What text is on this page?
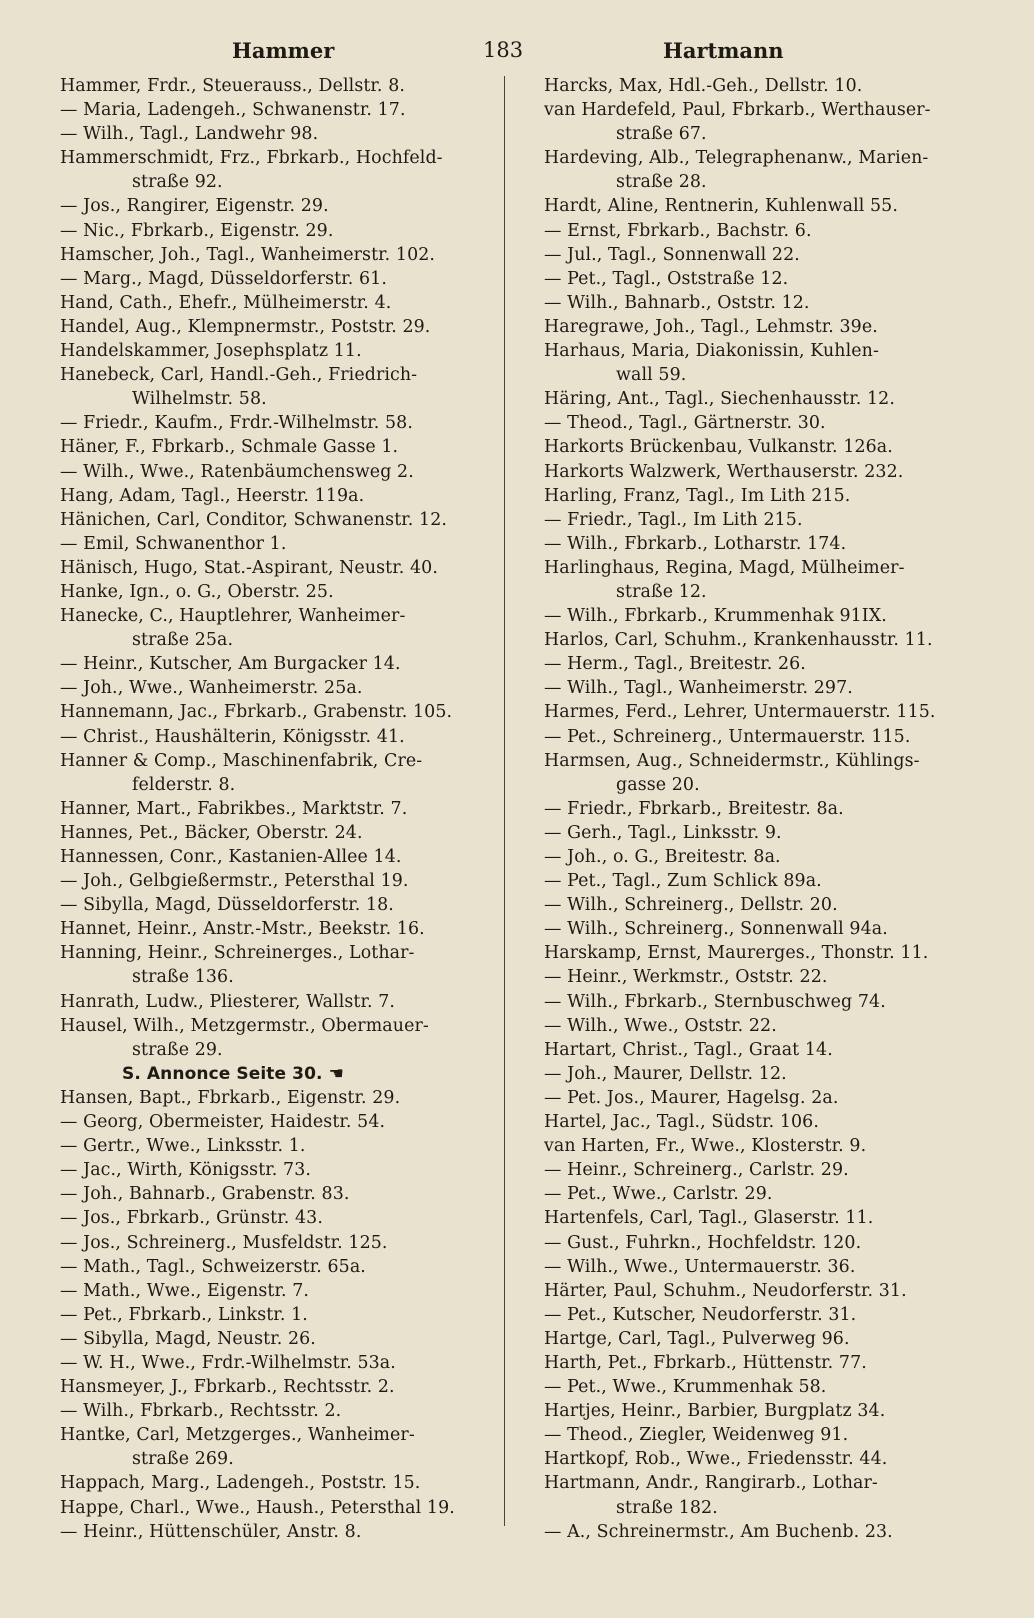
Hammer	183	Hartmann
Hammer, Frdr., Steuerauss., Dellstr. 8.
— Maria, Ladengeh., Schwanenstr. 17.
— Wilh., Tagl., Landwehr 98.
Hammerschmidt, Frz., Fbrkarb., Hochfeld-
straße 92.
— Jos., Rangirer, Eigenstr. 29.
— Nic., Fbrkarb., Eigenstr. 29.
Hamscher, Joh., Tagl., Wanheimerstr. 102.
— Marg., Magd, Düsseldorferstr. 61.
Hand, Cath., Ehefr., Mülheimerstr. 4.
Handel, Aug., Klempnermstr., Poststr. 29.
Handelskammer, Josephsplatz 11.
Hanebeck, Carl, Handl.-Geh., Friedrich-
Wilhelmstr. 58.
— Friedr., Kaufm., Frdr.-Wilhelmstr. 58.
Häner, F., Fbrkarb., Schmale Gasse 1.
— Wilh., Wwe., Ratenbäumchensweg 2.
Hang, Adam, Tagl., Heerstr. 119a.
Hänichen, Carl, Conditor, Schwanenstr. 12.
— Emil, Schwanenthor 1.
Hänisch, Hugo, Stat.-Aspirant, Neustr. 40.
Hanke, Ign., o. G., Oberstr. 25.
Hanecke, C., Hauptlehrer, Wanheimer-
straße 25a.
— Heinr., Kutscher, Am Burgacker 14.
— Joh., Wwe., Wanheimerstr. 25a.
Hannemann, Jac., Fbrkarb., Grabenstr. 105.
— Christ., Haushälterin, Königsstr. 41.
Hanner & Comp., Maschinenfabrik, Cre-
felderstr. 8.
Hanner, Mart., Fabrikbes., Marktstr. 7.
Hannes, Pet., Bäcker, Oberstr. 24.
Hannessen, Conr., Kastanien-Allee 14.
— Joh., Gelbgießermstr., Petersthal 19.
— Sibylla, Magd, Düsseldorferstr. 18.
Hannet, Heinr., Anstr.-Mstr., Beekstr. 16.
Hanning, Heinr., Schreinerges., Lothar-
straße 136.
Hanrath, Ludw., Pliesterer, Wallstr. 7.
Hausel, Wilh., Metzgermstr., Obermauer-
straße 29.
S. Annonce Seite 30. ☚
Hansen, Bapt., Fbrkarb., Eigenstr. 29.
— Georg, Obermeister, Haidestr. 54.
— Gertr., Wwe., Linksstr. 1.
— Jac., Wirth, Königsstr. 73.
— Joh., Bahnarb., Grabenstr. 83.
— Jos., Fbrkarb., Grünstr. 43.
— Jos., Schreinerg., Musfeldstr. 125.
— Math., Tagl., Schweizerstr. 65a.
— Math., Wwe., Eigenstr. 7.
— Pet., Fbrkarb., Linkstr. 1.
— Sibylla, Magd, Neustr. 26.
— W. H., Wwe., Frdr.-Wilhelmstr. 53a.
Hansmeyer, J., Fbrkarb., Rechtsstr. 2.
— Wilh., Fbrkarb., Rechtsstr. 2.
Hantke, Carl, Metzgerges., Wanheimer-
straße 269.
Happach, Marg., Ladengeh., Poststr. 15.
Happe, Charl., Wwe., Haush., Petersthal 19.
— Heinr., Hüttenschüler, Anstr. 8.
Harcks, Max, Hdl.-Geh., Dellstr. 10.
van Hardefeld, Paul, Fbrkarb., Werthauser-
straße 67.
Hardeving, Alb., Telegraphenanw., Marien-
straße 28.
Hardt, Aline, Rentnerin, Kuhlenwall 55.
— Ernst, Fbrkarb., Bachstr. 6.
— Jul., Tagl., Sonnenwall 22.
— Pet., Tagl., Oststraße 12.
— Wilh., Bahnarb., Oststr. 12.
Haregrawe, Joh., Tagl., Lehmstr. 39e.
Harhaus, Maria, Diakonissin, Kuhlen-
wall 59.
Häring, Ant., Tagl., Siechenhausstr. 12.
— Theod., Tagl., Gärtnerstr. 30.
Harkorts Brückenbau, Vulkanstr. 126a.
Harkorts Walzwerk, Werthauserstr. 232.
Harling, Franz, Tagl., Im Lith 215.
— Friedr., Tagl., Im Lith 215.
— Wilh., Fbrkarb., Lotharstr. 174.
Harlinghaus, Regina, Magd, Mülheimer-
straße 12.
— Wilh., Fbrkarb., Krummenhak 91IX.
Harlos, Carl, Schuhm., Krankenhausstr. 11.
— Herm., Tagl., Breitestr. 26.
— Wilh., Tagl., Wanheimerstr. 297.
Harmes, Ferd., Lehrer, Untermauerstr. 115.
— Pet., Schreinerg., Untermauerstr. 115.
Harmsen, Aug., Schneidermstr., Kühlings-
gasse 20.
— Friedr., Fbrkarb., Breitestr. 8a.
— Gerh., Tagl., Linksstr. 9.
— Joh., o. G., Breitestr. 8a.
— Pet., Tagl., Zum Schlick 89a.
— Wilh., Schreinerg., Dellstr. 20.
— Wilh., Schreinerg., Sonnenwall 94a.
Harskamp, Ernst, Maurerges., Thonstr. 11.
— Heinr., Werkmstr., Oststr. 22.
— Wilh., Fbrkarb., Sternbuschweg 74.
— Wilh., Wwe., Oststr. 22.
Hartart, Christ., Tagl., Graat 14.
— Joh., Maurer, Dellstr. 12.
— Pet. Jos., Maurer, Hagelsg. 2a.
Hartel, Jac., Tagl., Südstr. 106.
van Harten, Fr., Wwe., Klosterstr. 9.
— Heinr., Schreinerg., Carlstr. 29.
— Pet., Wwe., Carlstr. 29.
Hartenfels, Carl, Tagl., Glaserstr. 11.
— Gust., Fuhrkn., Hochfeldstr. 120.
— Wilh., Wwe., Untermauerstr. 36.
Härter, Paul, Schuhm., Neudorferstr. 31.
— Pet., Kutscher, Neudorferstr. 31.
Hartge, Carl, Tagl., Pulverweg 96.
Harth, Pet., Fbrkarb., Hüttenstr. 77.
— Pet., Wwe., Krummenhak 58.
Hartjes, Heinr., Barbier, Burgplatz 34.
— Theod., Ziegler, Weidenweg 91.
Hartkopf, Rob., Wwe., Friedensstr. 44.
Hartmann, Andr., Rangirarb., Lothar-
straße 182.
— A., Schreinermstr., Am Buchenb. 23.
